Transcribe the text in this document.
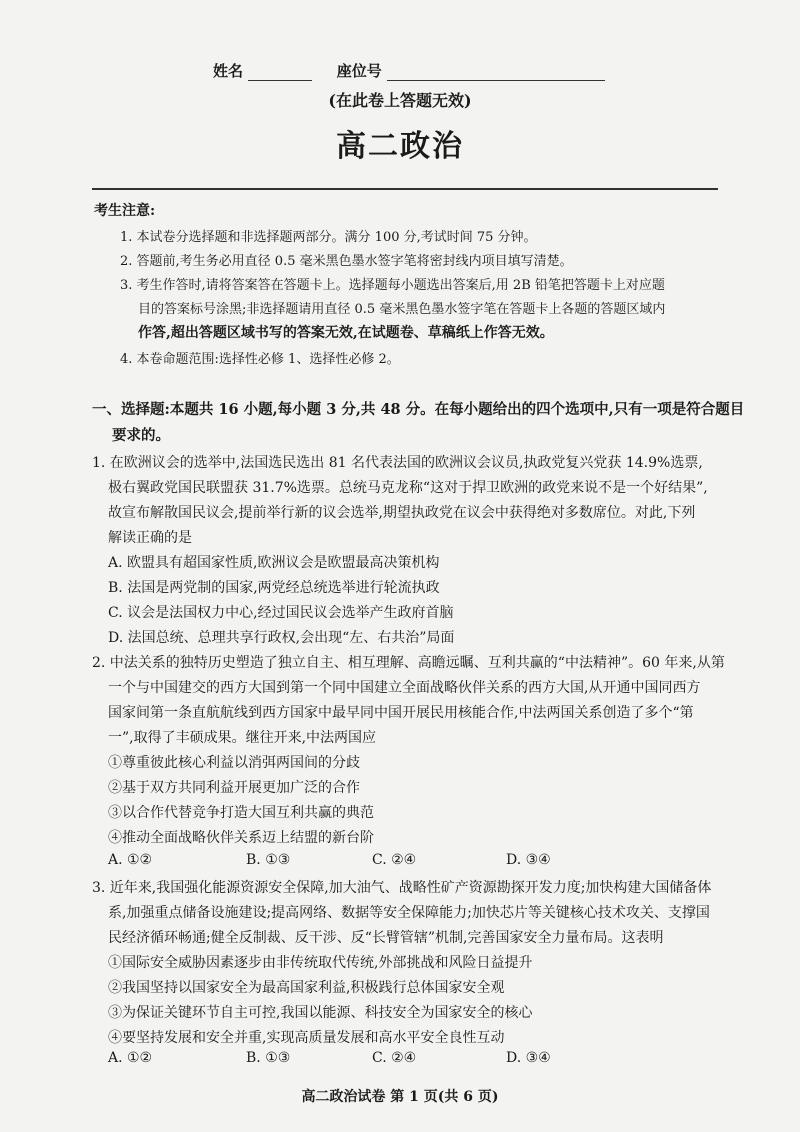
姓名	座位号
(在此卷上答题无效)
高二政治
考生注意:
1. 本试卷分选择题和非选择题两部分。满分 100 分,考试时间 75 分钟。
2. 答题前,考生务必用直径 0.5 毫米黑色墨水签字笔将密封线内项目填写清楚。
3. 考生作答时,请将答案答在答题卡上。选择题每小题选出答案后,用 2B 铅笔把答题卡上对应题
目的答案标号涂黑;非选择题请用直径 0.5 毫米黑色墨水签字笔在答题卡上各题的答题区域内
作答,超出答题区域书写的答案无效,在试题卷、草稿纸上作答无效。
4. 本卷命题范围:选择性必修 1、选择性必修 2。
一、选择题:本题共 16 小题,每小题 3 分,共 48 分。在每小题给出的四个选项中,只有一项是符合题目
要求的。
1. 在欧洲议会的选举中,法国选民选出 81 名代表法国的欧洲议会议员,执政党复兴党获 14.9%选票,
极右翼政党国民联盟获 31.7%选票。总统马克龙称“这对于捍卫欧洲的政党来说不是一个好结果”,
故宣布解散国民议会,提前举行新的议会选举,期望执政党在议会中获得绝对多数席位。对此,下列
解读正确的是
A. 欧盟具有超国家性质,欧洲议会是欧盟最高决策机构
B. 法国是两党制的国家,两党经总统选举进行轮流执政
C. 议会是法国权力中心,经过国民议会选举产生政府首脑
D. 法国总统、总理共享行政权,会出现“左、右共治”局面
2. 中法关系的独特历史塑造了独立自主、相互理解、高瞻远瞩、互利共赢的“中法精神”。60 年来,从第
一个与中国建交的西方大国到第一个同中国建立全面战略伙伴关系的西方大国,从开通中国同西方
国家间第一条直航航线到西方国家中最早同中国开展民用核能合作,中法两国关系创造了多个“第
一”,取得了丰硕成果。继往开来,中法两国应
①尊重彼此核心利益以消弭两国间的分歧
②基于双方共同利益开展更加广泛的合作
③以合作代替竞争打造大国互利共赢的典范
④推动全面战略伙伴关系迈上结盟的新台阶
A. ①②	B. ①③	C. ②④	D. ③④
3. 近年来,我国强化能源资源安全保障,加大油气、战略性矿产资源勘探开发力度;加快构建大国储备体
系,加强重点储备设施建设;提高网络、数据等安全保障能力;加快芯片等关键核心技术攻关、支撑国
民经济循环畅通;健全反制裁、反干涉、反“长臂管辖”机制,完善国家安全力量布局。这表明
①国际安全威胁因素逐步由非传统取代传统,外部挑战和风险日益提升
②我国坚持以国家安全为最高国家利益,积极践行总体国家安全观
③为保证关键环节自主可控,我国以能源、科技安全为国家安全的核心
④要坚持发展和安全并重,实现高质量发展和高水平安全良性互动
A. ①②	B. ①③	C. ②④	D. ③④
高二政治试卷 第 1 页(共 6 页)
